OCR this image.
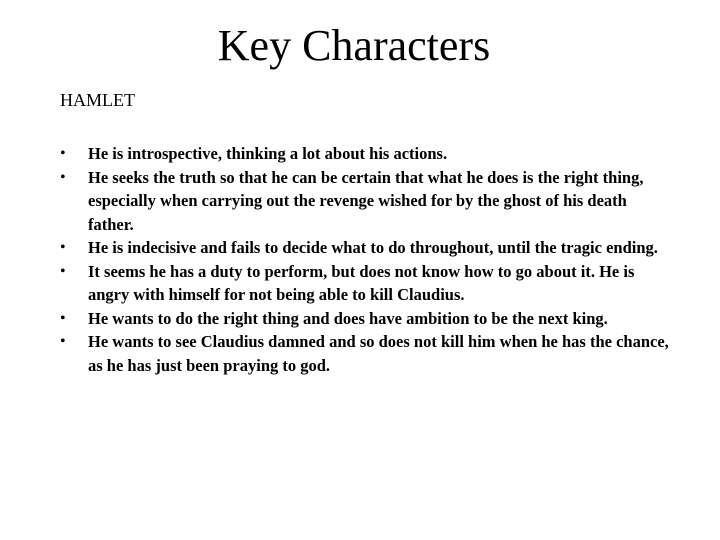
Key Characters

HAMLET

• He is introspective, thinking a lot about his actions.
• He seeks the truth so that he can be certain that what he does is the right thing, especially when carrying out the revenge wished for by the ghost of his death father.
• He is indecisive and fails to decide what to do throughout, until the tragic ending.
• It seems he has a duty to perform, but does not know how to go about it. He is angry with himself for not being able to kill Claudius.
• He wants to do the right thing and does have ambition to be the next king.
• He wants to see Claudius damned and so does not kill him when he has the chance, as he has just been praying to god.
